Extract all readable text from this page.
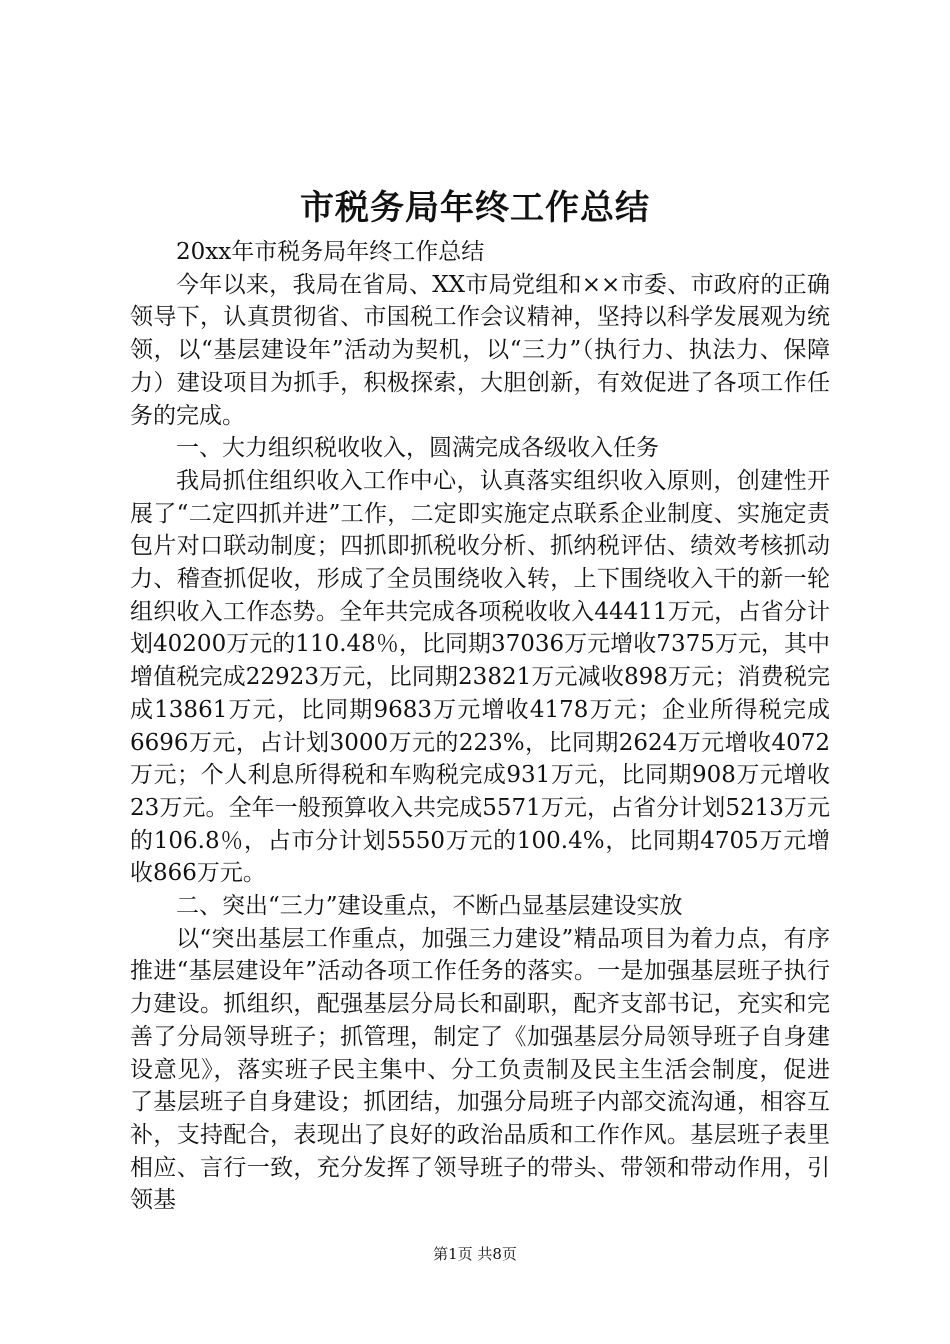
市税务局年终工作总结

20xx年市税务局年终工作总结

今年以来，我局在省局、XX市局党组和××市委、市政府的正确领导下，认真贯彻省、市国税工作会议精神，坚持以科学发展观为统领，以“基层建设年”活动为契机，以“三力”（执行力、执法力、保障力）建设项目为抓手，积极探索，大胆创新，有效促进了各项工作任务的完成。

一、大力组织税收收入，圆满完成各级收入任务

我局抓住组织收入工作中心，认真落实组织收入原则，创建性开展了“二定四抓并进”工作，二定即实施定点联系企业制度、实施定责包片对口联动制度；四抓即抓税收分析、抓纳税评估、绩效考核抓动力、稽查抓促收，形成了全员围绕收入转，上下围绕收入干的新一轮组织收入工作态势。全年共完成各项税收收入44411万元，占省分计划40200万元的110.48％，比同期37036万元增收7375万元，其中增值税完成22923万元，比同期23821万元减收898万元；消费税完成13861万元，比同期9683万元增收4178万元；企业所得税完成6696万元，占计划3000万元的223%，比同期2624万元增收4072万元；个人利息所得税和车购税完成931万元，比同期908万元增收23万元。全年一般预算收入共完成5571万元，占省分计划5213万元的106.8％，占市分计划5550万元的100.4%，比同期4705万元增收866万元。

二、突出“三力”建设重点，不断凸显基层建设实放

以“突出基层工作重点，加强三力建设”精品项目为着力点，有序推进“基层建设年”活动各项工作任务的落实。一是加强基层班子执行力建设。抓组织，配强基层分局长和副职，配齐支部书记，充实和完善了分局领导班子；抓管理，制定了《加强基层分局领导班子自身建设意见》，落实班子民主集中、分工负责制及民主生活会制度，促进了基层班子自身建设；抓团结，加强分局班子内部交流沟通，相容互补，支持配合，表现出了良好的政治品质和工作作风。基层班子表里相应、言行一致，充分发挥了领导班子的带头、带领和带动作用，引领基

第1页 共8页
